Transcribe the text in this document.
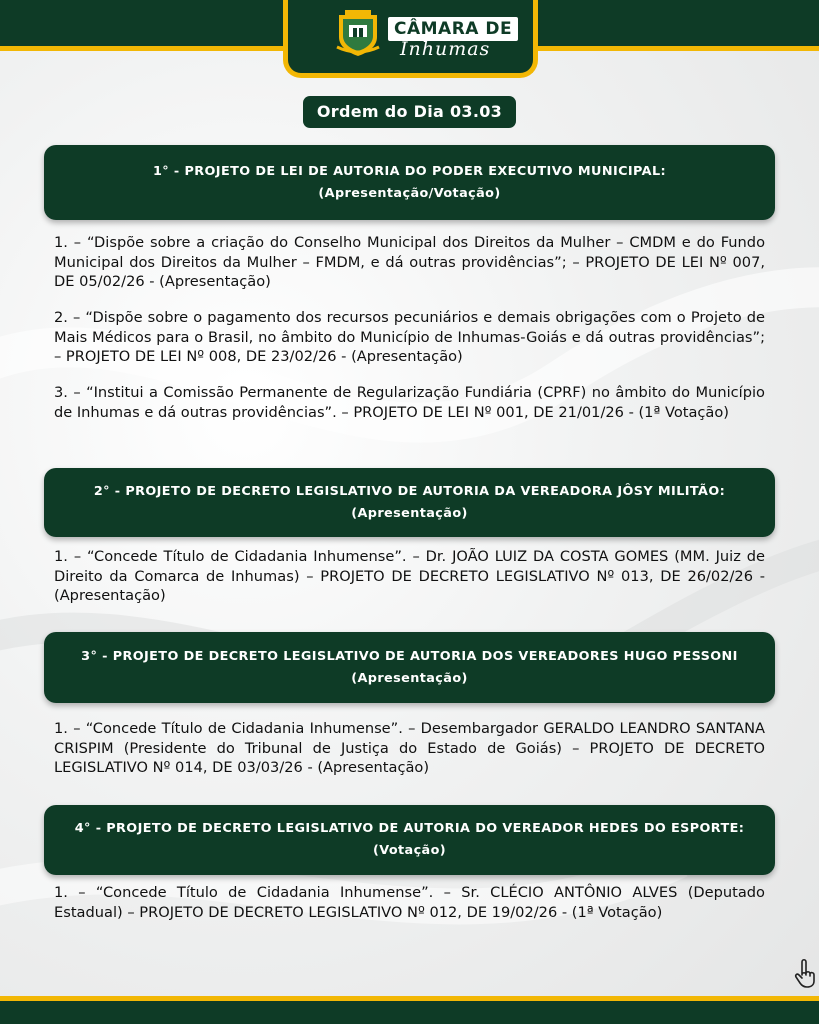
CÂMARA DE
Inhumas
Ordem do Dia 03.03
1° - PROJETO DE LEI DE AUTORIA DO PODER EXECUTIVO MUNICIPAL:
(Apresentação/Votação)
1. – “Dispõe sobre a criação do Conselho Municipal dos Direitos da Mulher – CMDM e do Fundo Municipal dos Direitos da Mulher – FMDM, e dá outras providências”; – PROJETO DE LEI Nº 007, DE 05/02/26 - (Apresentação)
2. – “Dispõe sobre o pagamento dos recursos pecuniários e demais obrigações com o Projeto de Mais Médicos para o Brasil, no âmbito do Município de Inhumas-Goiás e dá outras providências”; – PROJETO DE LEI Nº 008, DE 23/02/26 - (Apresentação)
3. – “Institui a Comissão Permanente de Regularização Fundiária (CPRF) no âmbito do Município de Inhumas e dá outras providências”. – PROJETO DE LEI Nº 001, DE 21/01/26 - (1ª Votação)
2° - PROJETO DE DECRETO LEGISLATIVO DE AUTORIA DA VEREADORA JÔSY MILITÃO:
(Apresentação)
1. – “Concede Título de Cidadania Inhumense”. – Dr. JOÃO LUIZ DA COSTA GOMES (MM. Juiz de Direito da Comarca de Inhumas) – PROJETO DE DECRETO LEGISLATIVO Nº 013, DE 26/02/26 - (Apresentação)
3° - PROJETO DE DECRETO LEGISLATIVO DE AUTORIA DOS VEREADORES HUGO PESSONI
(Apresentação)
1. – “Concede Título de Cidadania Inhumense”. – Desembargador GERALDO LEANDRO SANTANA CRISPIM (Presidente do Tribunal de Justiça do Estado de Goiás) – PROJETO DE DECRETO LEGISLATIVO Nº 014, DE 03/03/26 - (Apresentação)
4° - PROJETO DE DECRETO LEGISLATIVO DE AUTORIA DO VEREADOR HEDES DO ESPORTE:
(Votação)
1. – “Concede Título de Cidadania Inhumense”. – Sr. CLÉCIO ANTÔNIO ALVES (Deputado Estadual) – PROJETO DE DECRETO LEGISLATIVO Nº 012, DE 19/02/26 - (1ª Votação)
